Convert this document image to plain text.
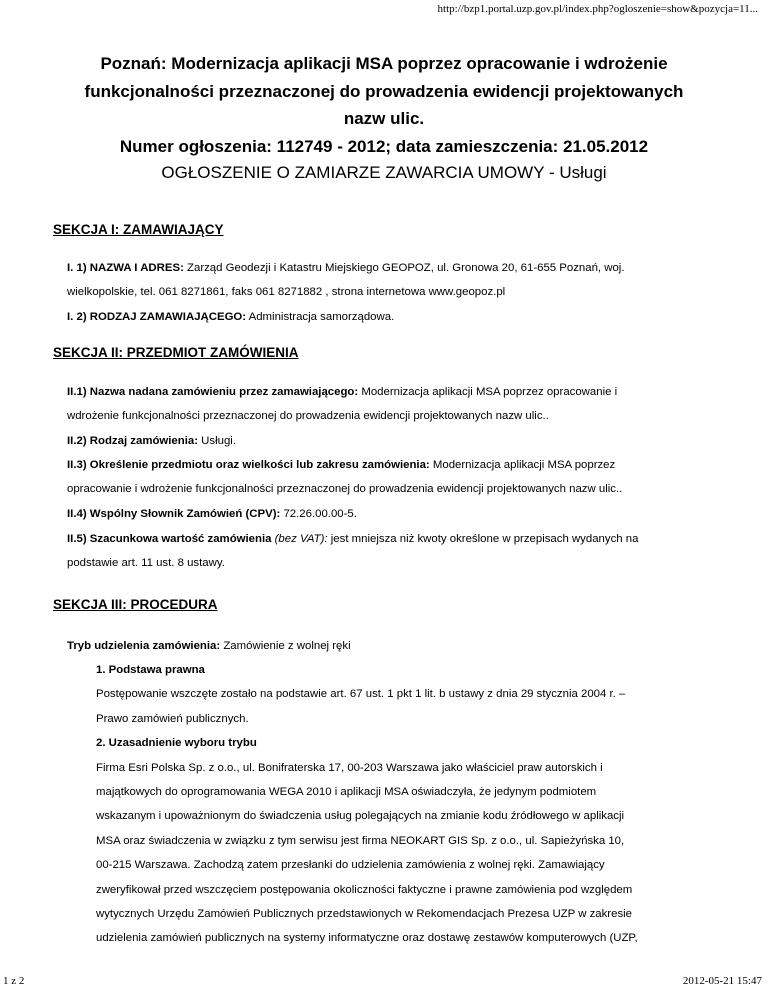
http://bzp1.portal.uzp.gov.pl/index.php?ogloszenie=show&pozycja=11...

Poznań: Modernizacja aplikacji MSA poprzez opracowanie i wdrożenie

funkcjonalności przeznaczonej do prowadzenia ewidencji projektowanych

nazw ulic.

Numer ogłoszenia: 112749 - 2012; data zamieszczenia: 21.05.2012

OGŁOSZENIE O ZAMIARZE ZAWARCIA UMOWY - Usługi

SEKCJA I: ZAMAWIAJĄCY
I. 1) NAZWA I ADRES: Zarząd Geodezji i Katastru Miejskiego GEOPOZ, ul. Gronowa 20, 61-655 Poznań, woj.
wielkopolskie, tel. 061 8271861, faks 061 8271882 , strona internetowa www.geopoz.pl
I. 2) RODZAJ ZAMAWIAJĄCEGO: Administracja samorządowa.
SEKCJA II: PRZEDMIOT ZAMÓWIENIA
II.1) Nazwa nadana zamówieniu przez zamawiającego: Modernizacja aplikacji MSA poprzez opracowanie i
wdrożenie funkcjonalności przeznaczonej do prowadzenia ewidencji projektowanych nazw ulic..
II.2) Rodzaj zamówienia: Usługi.
II.3) Określenie przedmiotu oraz wielkości lub zakresu zamówienia: Modernizacja aplikacji MSA poprzez
opracowanie i wdrożenie funkcjonalności przeznaczonej do prowadzenia ewidencji projektowanych nazw ulic..
II.4) Wspólny Słownik Zamówień (CPV): 72.26.00.00-5.
II.5) Szacunkowa wartość zamówienia (bez VAT): jest mniejsza niż kwoty określone w przepisach wydanych na
podstawie art. 11 ust. 8 ustawy.
SEKCJA III: PROCEDURA
Tryb udzielenia zamówienia: Zamówienie z wolnej ręki
1. Podstawa prawna
Postępowanie wszczęte zostało na podstawie art. 67 ust. 1 pkt 1 lit. b ustawy z dnia 29 stycznia 2004 r. –
Prawo zamówień publicznych.
2. Uzasadnienie wyboru trybu
Firma Esri Polska Sp. z o.o., ul. Bonifraterska 17, 00-203 Warszawa jako właściciel praw autorskich i
majątkowych do oprogramowania WEGA 2010 i aplikacji MSA oświadczyła, że jedynym podmiotem
wskazanym i upoważnionym do świadczenia usług polegających na zmianie kodu źródłowego w aplikacji
MSA oraz świadczenia w związku z tym serwisu jest firma NEOKART GIS Sp. z o.o., ul. Sapieżyńska 10,
00-215 Warszawa. Zachodzą zatem przesłanki do udzielenia zamówienia z wolnej ręki. Zamawiający
zweryfikował przed wszczęciem postępowania okoliczności faktyczne i prawne zamówienia pod względem
wytycznych Urzędu Zamówień Publicznych przedstawionych w Rekomendacjach Prezesa UZP w zakresie
udzielenia zamówień publicznych na systemy informatyczne oraz dostawę zestawów komputerowych (UZP,
1 z 2	2012-05-21 15:47
